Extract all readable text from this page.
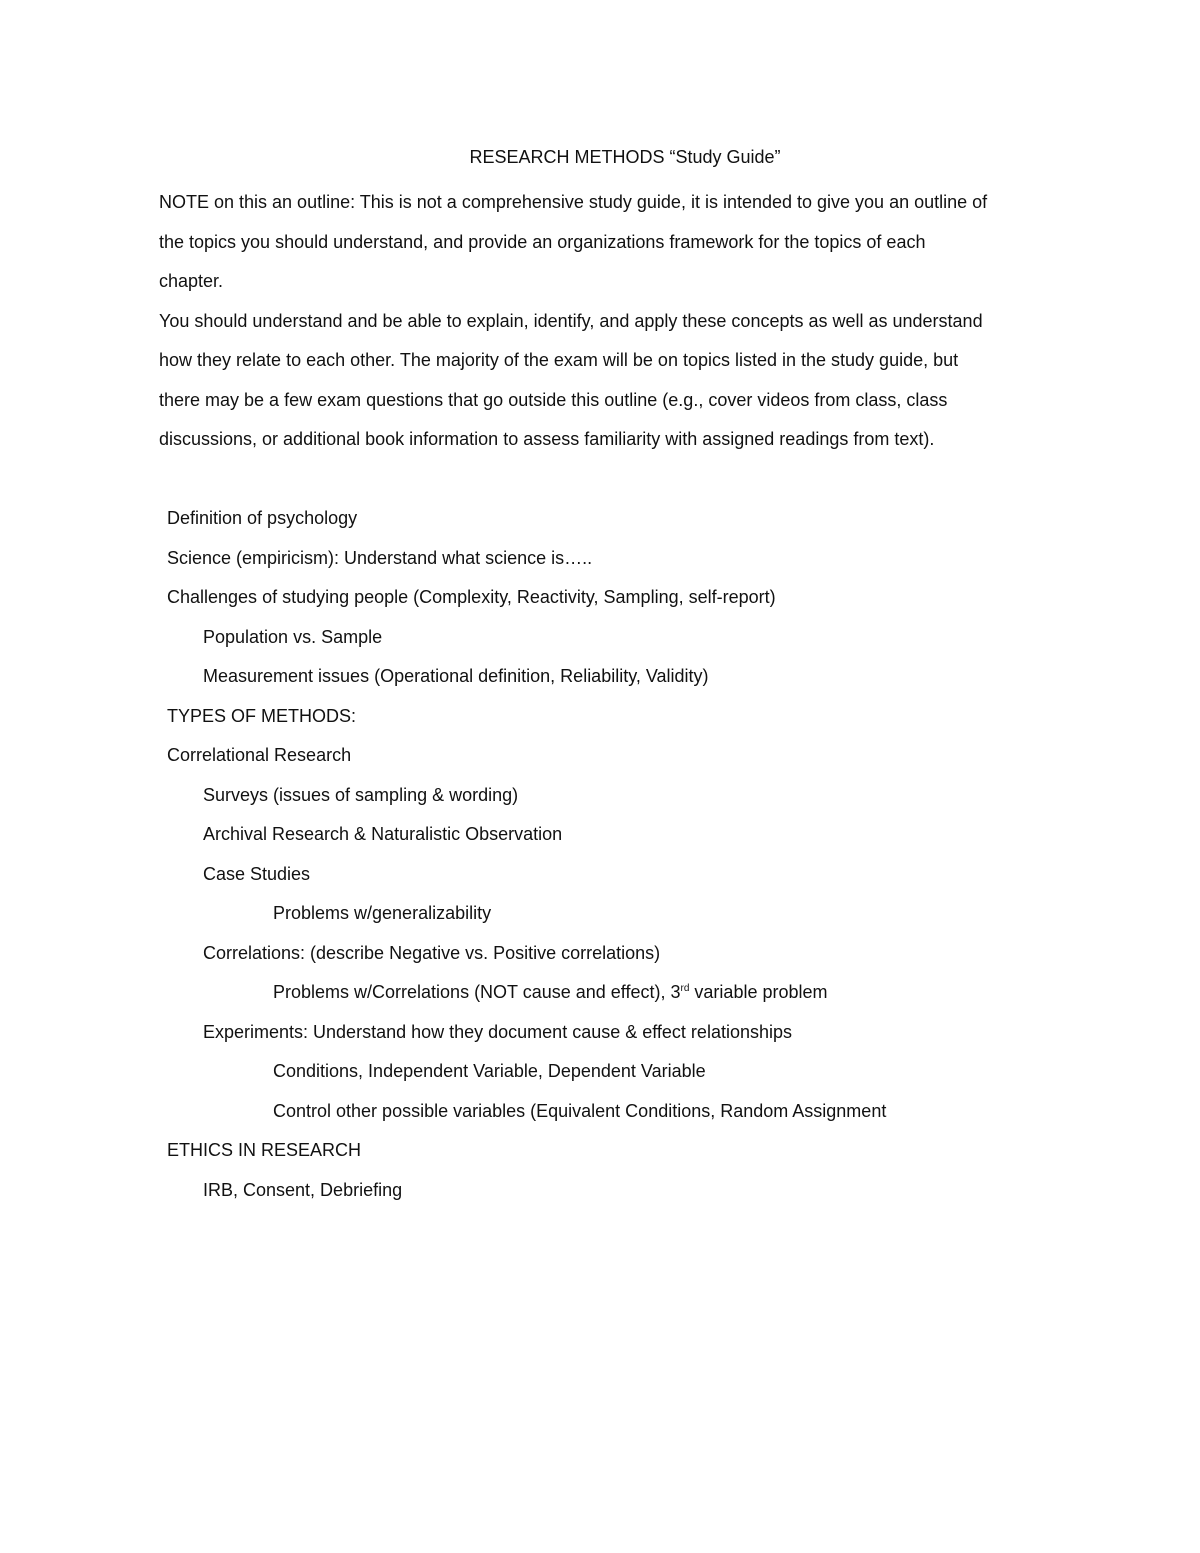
RESEARCH METHODS “Study Guide”

NOTE on this an outline: This is not a comprehensive study guide, it is intended to give you an outline of

the topics you should understand, and provide an organizations framework for the topics of each

chapter.

You should understand and be able to explain, identify, and apply these concepts as well as understand

how they relate to each other. The majority of the exam will be on topics listed in the study guide, but

there may be a few exam questions that go outside this outline (e.g., cover videos from class, class

discussions, or additional book information to assess familiarity with assigned readings from text).

Definition of psychology
Science (empiricism): Understand what science is…..
Challenges of studying people (Complexity, Reactivity, Sampling, self-report)
Population vs. Sample
Measurement issues (Operational definition, Reliability, Validity)
TYPES OF METHODS:
Correlational Research
Surveys (issues of sampling & wording)
Archival Research & Naturalistic Observation
Case Studies
Problems w/generalizability
Correlations: (describe Negative vs. Positive correlations)
Problems w/Correlations (NOT cause and effect), 3rd variable problem
Experiments: Understand how they document cause & effect relationships
Conditions, Independent Variable, Dependent Variable
Control other possible variables (Equivalent Conditions, Random Assignment
ETHICS IN RESEARCH
IRB, Consent, Debriefing
